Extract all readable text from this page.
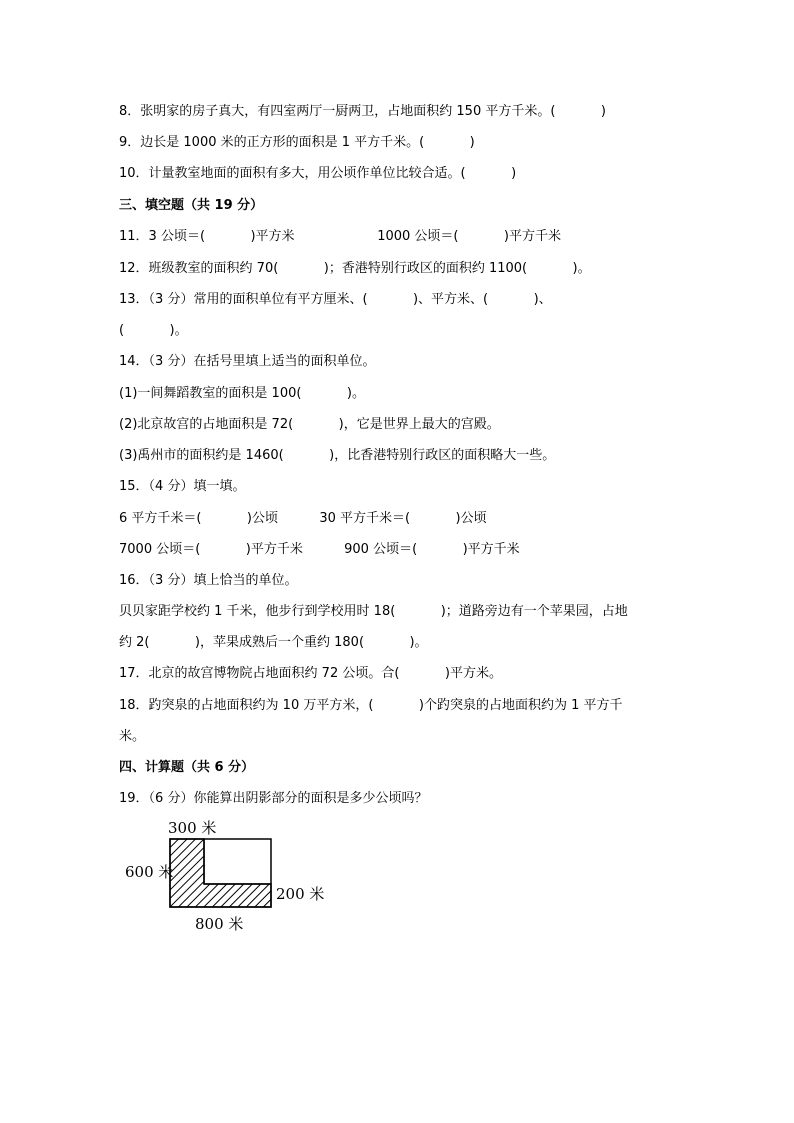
8．张明家的房子真大，有四室两厅一厨两卫，占地面积约 150 平方千米。(           )
9．边长是 1000 米的正方形的面积是 1 平方千米。(           )
10．计量教室地面的面积有多大，用公顷作单位比较合适。(           )
三、填空题（共 19 分）
11．3 公顷＝(           )平方米                    1000 公顷＝(           )平方千米
12．班级教室的面积约 70(           )；香港特别行政区的面积约 1100(           )。
13．（3 分）常用的面积单位有平方厘米、(           )、平方米、(           )、
(           )。
14．（3 分）在括号里填上适当的面积单位。
(1)一间舞蹈教室的面积是 100(           )。
(2)北京故宫的占地面积是 72(           )，它是世界上最大的宫殿。
(3)禹州市的面积约是 1460(           )，比香港特别行政区的面积略大一些。
15．（4 分）填一填。
6 平方千米＝(           )公顷          30 平方千米＝(           )公顷
7000 公顷＝(           )平方千米          900 公顷＝(           )平方千米
16．（3 分）填上恰当的单位。
贝贝家距学校约 1 千米，他步行到学校用时 18(           )；道路旁边有一个苹果园，占地
约 2(           )，苹果成熟后一个重约 180(           )。
17．北京的故宫博物院占地面积约 72 公顷。合(           )平方米。
18．趵突泉的占地面积约为 10 万平方米，(           )个趵突泉的占地面积约为 1 平方千
米。
四、计算题（共 6 分）
19．（6 分）你能算出阴影部分的面积是多少公顷吗？
300 米
600 米
200 米
800 米
